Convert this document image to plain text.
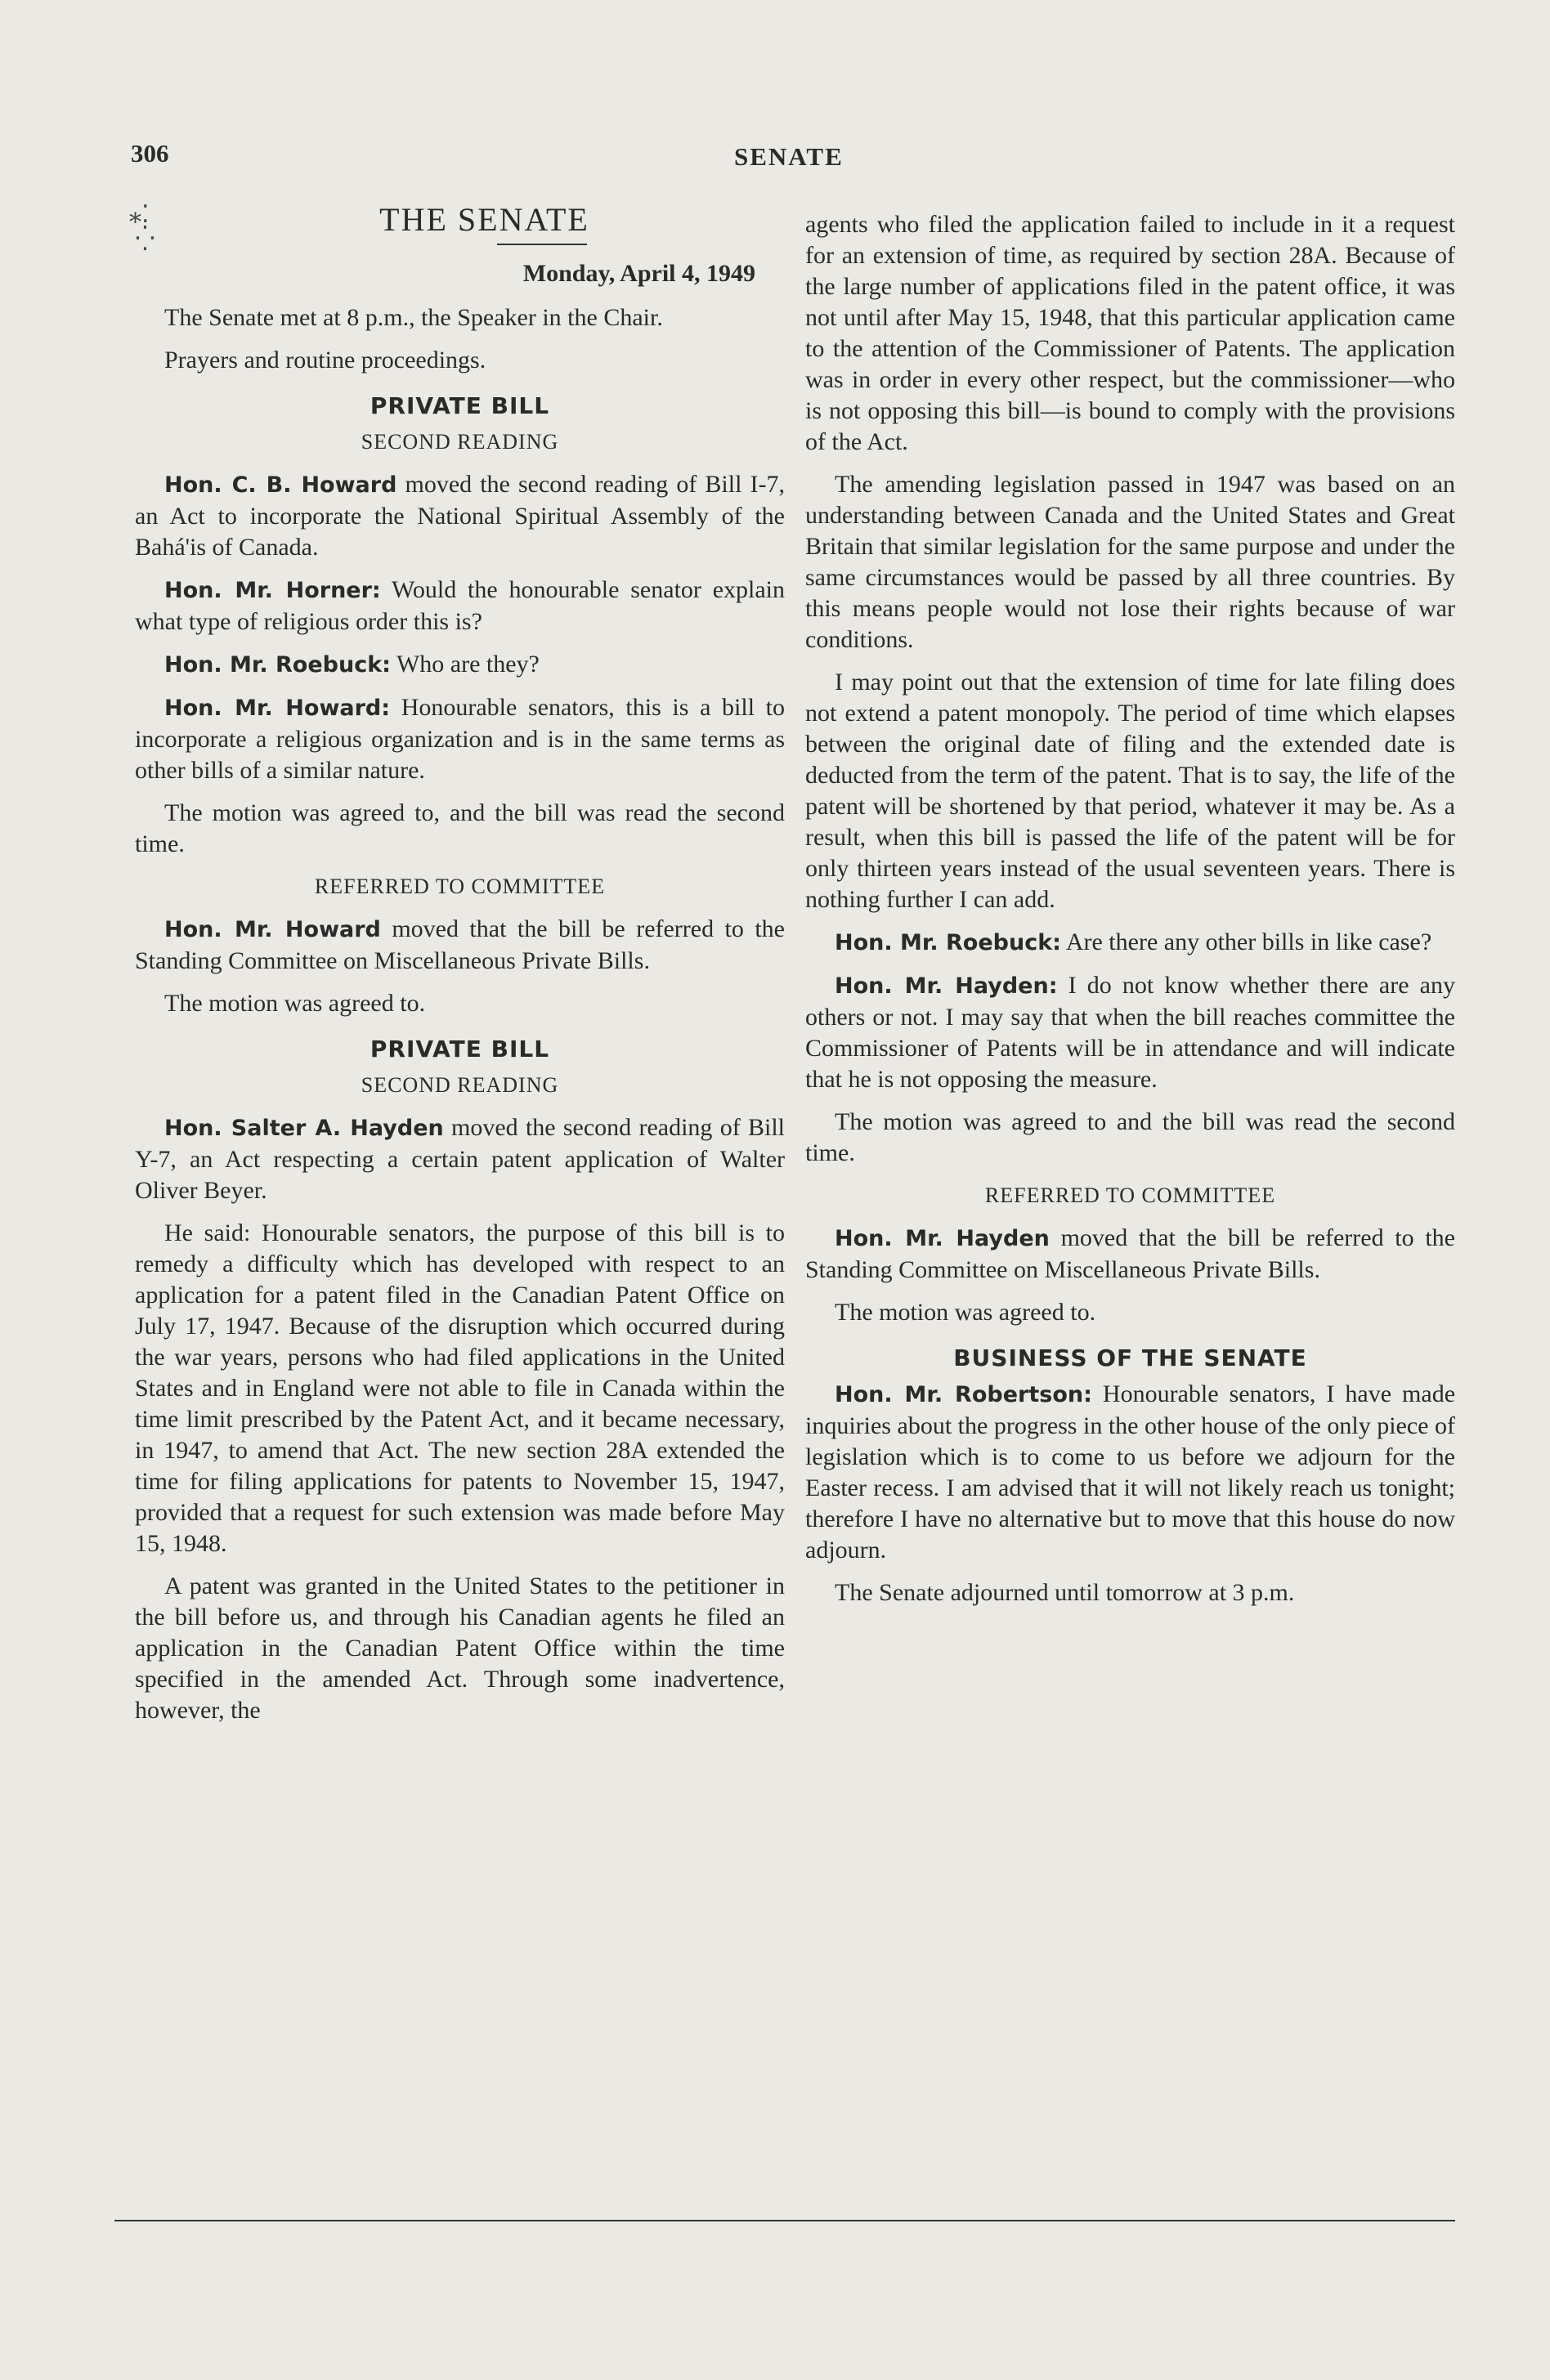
306	SENATE
⁎⁚
⁛
THE SENATE
Monday, April 4, 1949

The Senate met at 8 p.m., the Speaker in the Chair.

Prayers and routine proceedings.

PRIVATE BILL
SECOND READING

Hon. C. B. Howard moved the second reading of Bill I-7, an Act to incorporate the National Spiritual Assembly of the Bahá'is of Canada.

Hon. Mr. Horner: Would the honourable senator explain what type of religious order this is?

Hon. Mr. Roebuck: Who are they?

Hon. Mr. Howard: Honourable senators, this is a bill to incorporate a religious organization and is in the same terms as other bills of a similar nature.

The motion was agreed to, and the bill was read the second time.

REFERRED TO COMMITTEE

Hon. Mr. Howard moved that the bill be referred to the Standing Committee on Miscellaneous Private Bills.

The motion was agreed to.

PRIVATE BILL
SECOND READING

Hon. Salter A. Hayden moved the second reading of Bill Y-7, an Act respecting a certain patent application of Walter Oliver Beyer.

He said: Honourable senators, the purpose of this bill is to remedy a difficulty which has developed with respect to an application for a patent filed in the Canadian Patent Office on July 17, 1947. Because of the disruption which occurred during the war years, persons who had filed applications in the United States and in England were not able to file in Canada within the time limit prescribed by the Patent Act, and it became necessary, in 1947, to amend that Act. The new section 28A extended the time for filing applications for patents to November 15, 1947, provided that a request for such extension was made before May 15, 1948.

A patent was granted in the United States to the petitioner in the bill before us, and through his Canadian agents he filed an application in the Canadian Patent Office within the time specified in the amended Act. Through some inadvertence, however, the

agents who filed the application failed to include in it a request for an extension of time, as required by section 28A. Because of the large number of applications filed in the patent office, it was not until after May 15, 1948, that this particular application came to the attention of the Commissioner of Patents. The application was in order in every other respect, but the commissioner—who is not opposing this bill—is bound to comply with the provisions of the Act.

The amending legislation passed in 1947 was based on an understanding between Canada and the United States and Great Britain that similar legislation for the same purpose and under the same circumstances would be passed by all three countries. By this means people would not lose their rights because of war conditions.

I may point out that the extension of time for late filing does not extend a patent monopoly. The period of time which elapses between the original date of filing and the extended date is deducted from the term of the patent. That is to say, the life of the patent will be shortened by that period, whatever it may be. As a result, when this bill is passed the life of the patent will be for only thirteen years instead of the usual seventeen years. There is nothing further I can add.

Hon. Mr. Roebuck: Are there any other bills in like case?

Hon. Mr. Hayden: I do not know whether there are any others or not. I may say that when the bill reaches committee the Commissioner of Patents will be in attendance and will indicate that he is not opposing the measure.

The motion was agreed to and the bill was read the second time.

REFERRED TO COMMITTEE

Hon. Mr. Hayden moved that the bill be referred to the Standing Committee on Miscellaneous Private Bills.

The motion was agreed to.

BUSINESS OF THE SENATE

Hon. Mr. Robertson: Honourable senators, I have made inquiries about the progress in the other house of the only piece of legislation which is to come to us before we adjourn for the Easter recess. I am advised that it will not likely reach us tonight; therefore I have no alternative but to move that this house do now adjourn.

The Senate adjourned until tomorrow at 3 p.m.
